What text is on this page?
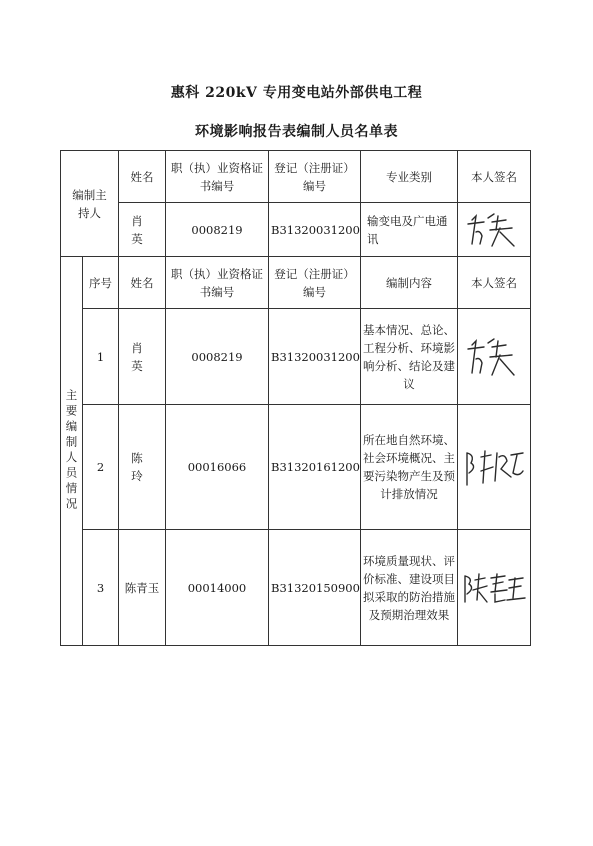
惠科 220kV 专用变电站外部供电工程
环境影响报告表编制人员名单表
编制主持人		姓名	职（执）业资格证书编号	登记（注册证）编号	专业类别	本人签名
		肖 英	0008219	B31320031200	输变电及广电通讯	

主要编制人员情况	序号	姓名	职（执）业资格证书编号	登记（注册证）编号	编制内容	本人签名
	1	肖 英	0008219	B31320031200	基本情况、总论、工程分析、环境影响分析、结论及建议	

	2	陈 玲	00016066	B31320161200	所在地自然环境、社会环境概况、主要污染物产生及预计排放情况	

	3	陈青玉	00014000	B31320150900	环境质量现状、评价标准、建设项目拟采取的防治措施及预期治理效果	
